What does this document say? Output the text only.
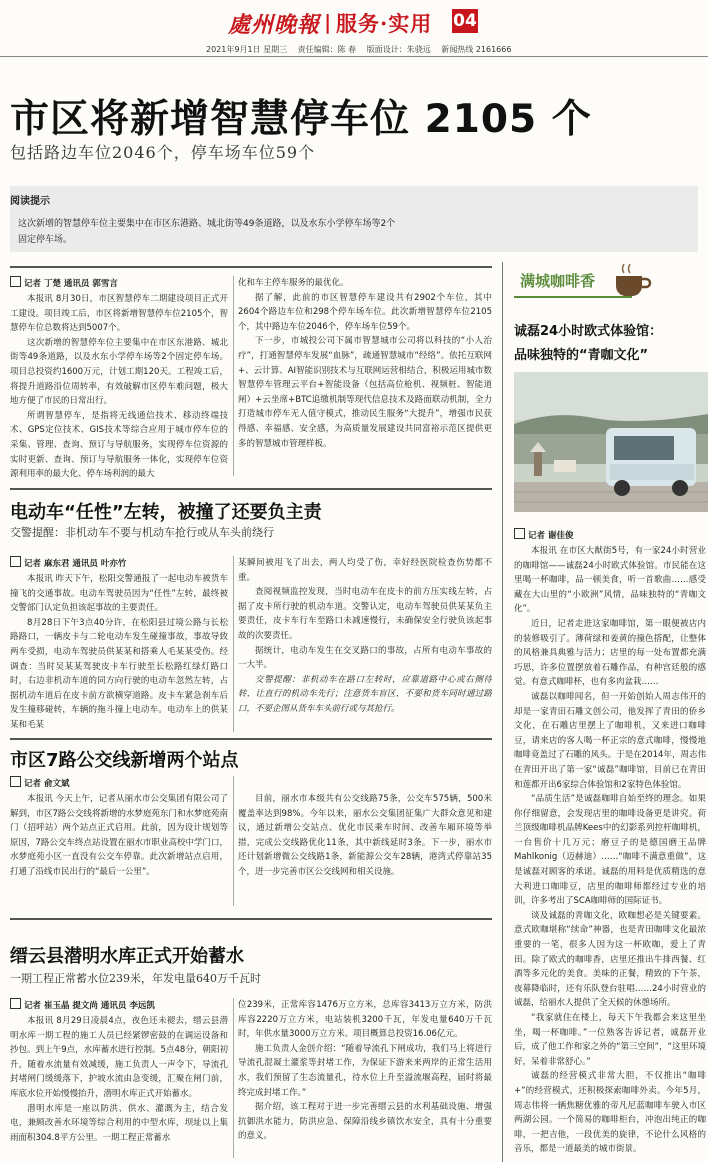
處州晚報 | 服务·实用 04
2021年9月1日 星期三 责任编辑：陈 春 版面设计：朱骁远 新闻热线 2161666
市区将新增智慧停车位 2105 个
包括路边车位2046个，停车场车位59个
阅读提示
这次新增的智慧停车位主要集中在市区东港路、城北街等49条道路，以及水东小学停车场等2个固定停车场。
记者 丁楚 通讯员 郭雪言

本报讯 8月30日，市区智慧停车二期建设项目正式开工建设。项目竣工后，市区将新增智慧停车位2105个，智慧停车位总数将达到5007个。

这次新增的智慧停车位主要集中在市区东港路、城北街等49条道路，以及水东小学停车场等2个固定停车场。项目总投资约1600万元，计划工期120天。工程竣工后，将提升道路沿位周转率，有效破解市区停车难问题，极大地方便了市民的日常出行。

所谓智慧停车，是指将无线通信技术、移动终端技术、GPS定位技术、GIS技术等综合应用于城市停车位的采集、管理、查询、预订与导航服务，实现停车位资源的实时更新、查询、预订与导航服务一体化，实现停车位资源利用率的最大化、停车场利润的最大

化和车主停车服务的最优化。

据了解，此前的市区智慧停车建设共有2902个车位，其中2604个路边车位和298个停车场车位。此次新增智慧停车位2105个，其中路边车位2046个，停车场车位59个。

下一步，市城投公司下属市智慧城市公司将以科技的“小人治疗”，打通智慧停车发展“血脉”，疏通智慧城市“经络”。依托互联网+、云计算、AI智能识别技术与互联网运营相结合，积极运用城市数智慧停车管理云平台+智能设备（包括高位枪机、视频桩、智能道闸）+云坐席+BTC追缴机制等现代信息技术及路面联动机制，全力打造城市停车无人值守模式，推动民生服务“大提升”，增强市民获得感、幸福感、安全感，为高质量发展建设共同富裕示范区提供更多的智慧城市管理样板。

电动车“任性”左转，被撞了还要负主责
交警提醒：非机动车不要与机动车抢行或从车头前绕行
记者 麻东君 通讯员 叶亦竹

本报讯 昨天下午，松阳交警通报了一起电动车被货车撞飞的交通事故。电动车驾驶员因为“任性”左转，最终被交警部门认定负担该起事故的主要责任。

8月28日下午3点40分许，在松阳县过境公路与长松路路口，一辆皮卡与二轮电动车发生碰撞事故，事故导致两车受损，电动车驾驶员供某某和搭乘人毛某某受伤。经调查：当时吴某某驾驶皮卡车行驶至长松路红绿灯路口时，右边非机动车道的同方向行驶的电动车忽然左转，占据机动车道后在皮卡前方欲横穿道路。皮卡车紧急刹车后发生撞移碰转，车辆的拖斗撞上电动车。电动车上的供某某和毛某

某瞬间被甩飞了出去，两人均受了伤，幸好经医院检查伤势都不重。

查阅视频监控发现，当时电动车在皮卡的前方压实线左转，占据了皮卡所行驶的机动车道。交警认定，电动车驾驶员供某某负主要责任，皮卡车行车至路口未减速慢行，未确保安全行驶负该起事故的次要责任。

据统计，电动车发生在交叉路口的事故，占所有电动车事故的一大半。

交警提醒：非机动车在路口左转时，应靠道路中心或右侧待转，让直行的机动车先行；注意货车盲区，不要和货车同时通过路口，不要企图从货车车头前行或与其抢行。

市区7路公交线新增两个站点
记者 俞文斌

本报讯 今天上午，记者从丽水市公交集团有限公司了解到，市区7路公交线将新增的水梦庭苑东门和水梦庭苑南门（招呼站）两个站点正式启用。此前，因为设计规划等原因，7路公交车终点站设置在丽水市职业高校中学门口，水梦庭苑小区一直没有公交车停靠。此次新增站点启用，打通了沿线市民出行的“最后一公里”。

目前，丽水市本级共有公交线路75条，公交车575辆，500米覆盖率达到98%。今年以来，丽水公交集团征集广大群众意见和建议，通过新增公交站点、优化市民乘车时间、改善车厢环境等举措，完成公交线路优化11条，其中新线延时3条。下一步，丽水市还计划新增微公交线路1条，新能源公交车28辆，港湾式停靠站35个，进一步完善市区公交线网和相关设施。

缙云县潜明水库正式开始蓄水
一期工程正常蓄水位239米，年发电量640万千瓦时
记者 崔玉晶 提文尚 通讯员 李远凯

本报讯 8月29日凌晨4点，夜色还未褪去，缙云县潜明水库一期工程的施工人员已经紧锣密鼓的在调运设备和抄包。到上午9点，水库蓄水进行控制。5点48分，朝阳初升，随着水流量有效减缓，施工负责人一声令下，导流孔封堵闸门缓缓落下，护坡水流由急变缓，汇聚在闸门前，库底水位开始慢慢抬升，潜明水库正式开始蓄水。

潜明水库是一座以防洪、供水、灌溉为主，结合发电，兼顾改善水环境等综合利用的中型水库，坝址以上集雨面积304.8平方公里。一期工程正常蓄水

位239米，正常库容1476万立方米，总库容3413万立方米，防洪库容2220万立方米，电站装机3200千瓦，年发电量640万千瓦时，年供水量3000万立方米。项目概算总投资16.06亿元。

施工负责人金创介绍：“随着导流孔下闸成功，我们马上将进行导流孔混凝土灌浆等封堵工作，为保证下游来来两岸的正常生活用水，我们预留了生态流量孔，待水位上升至溢流堰高程，届时将最终完成封堵工作。”

据介绍，该工程对于进一步完善缙云县的水利基础设施、增强抗御洪水能力，防洪应急、保障沿线乡镇饮水安全，具有十分重要的意义。

满城咖啡香
诚磊24小时欧式体验馆：
品味独特的“青咖文化”
记者 谢佳俊

本报讯 在市区大猷街5号，有一家24小时营业的咖啡馆——诚磊24小时欧式体验馆。市民能在这里喝一杯咖啡，品一顿美食，听一首歌曲……感受藏在大山里的“小欧洲”风情，品味独特的“青咖文化”。

近日，记者走进这家咖啡馆，第一眼便被店内的装修吸引了。薄荷绿和姜黄的撞色搭配，让整体的风格兼具典雅与活力；店里的每一处布置都充满巧思，许多位置摆放着石雕作品，有种宫廷般的感觉。有意式咖啡杯，也有多肉盆栽……

诚磊以咖啡闻名，但一开始创始人周志伟开的却是一家青田石雕文创公司，他发挥了青田的侨乡文化，在石雕店里摆上了咖啡机，又来进口咖啡豆，请来店的客人喝一杯正宗的意式咖啡，慢慢地咖啡竟盖过了石雕的风头。于是在2014年，周志伟在青田开出了第一家“诚磊”咖啡馆，目前已在青田和莲都开出6家综合体验馆和2家特色体验馆。

“品质生活”是诚磊咖啡自始至终的理念。如果你仔细留意，会发现店里的咖啡设备更是讲究。荷兰顶级咖啡机品牌Kees中的幻影系列控杆咖啡机，一台售价十几万元；磨豆子的是德国磨王品牌Mahlkonig（迈赫迪）……“咖啡不满意重做”，这是诚磊对顾客的承诺。诚磊的用料是优质精选的意大利进口咖啡豆，店里的咖啡师都经过专业的培训，许多考出了SCA咖啡师的国际证书。

谈及诚磊的青咖文化，欧咖想必是关键要素。意式欧咖堪称“续命”神器，也是青田咖啡文化最浓重要的一笔，很多人因为这一杯欧咖，爱上了青田。除了欧式的咖啡香，店里还推出牛排西餐、红酒等多元化的美食。美味的正餐，精致的下午茶，夜幕降临时，还有乐队登台驻唱……24小时营业的诚磊，给丽水人提供了全天候的休憩场所。

“我家就住在楼上，每天下午我都会来这里坐坐，喝一杯咖啡。”一位熟客告诉记者，诚磊开业后，成了他工作和家之外的“第三空间”，“这里环境好，呆着非常舒心。”

诚磊的经营模式非常大胆，不仅推出“咖啡+”的经营模式，还积极探索咖啡外卖。今年5月，周志伟将一辆焦糖优雅的帝凡尼蓝咖啡车驶入市区两湖公园。一个简易的咖啡柜台，冲泡出纯正的咖啡，一把吉他，一段优美的旋律，不论什么风格的音乐，都是一道最美的城市街景。
